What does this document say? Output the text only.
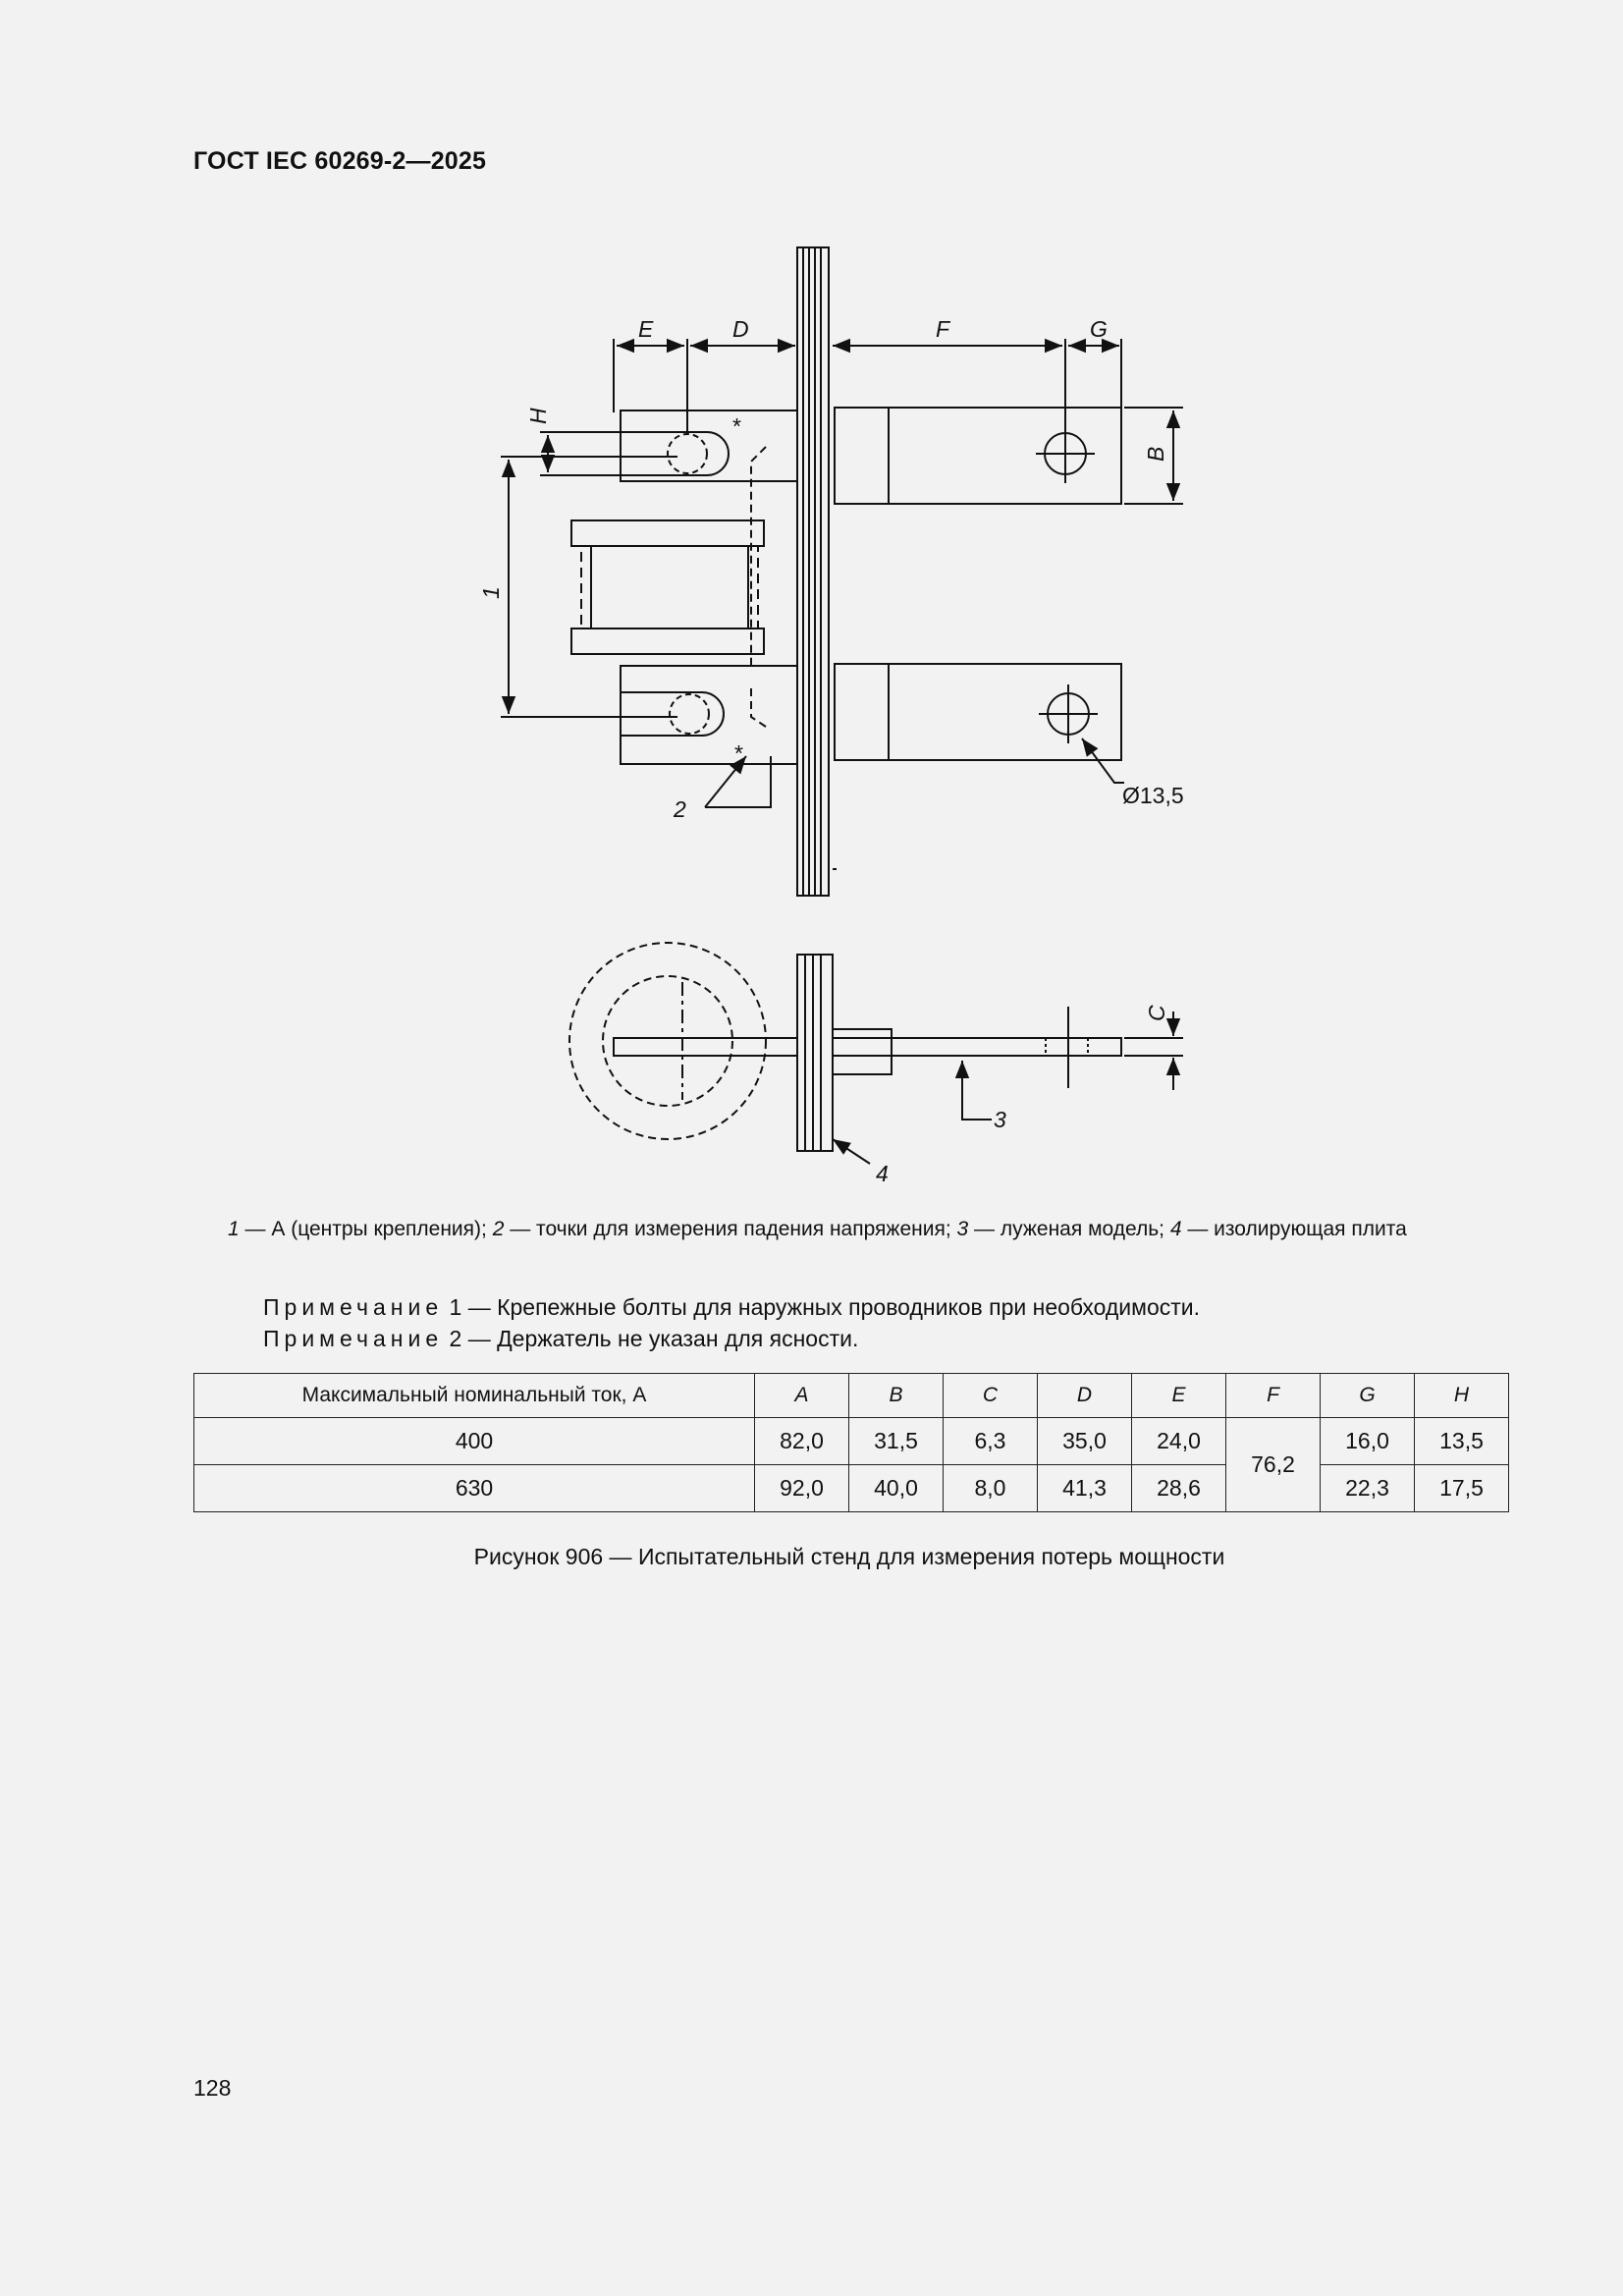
ГОСТ IEC 60269-2—2025
E	D	F	G
B
H
1
2
Ø13,5
C
3
4
*
*
1 — А (центры крепления); 2 — точки для измерения падения напряжения; 3 — луженая модель; 4 — изолирующая плита
Примечание 1 — Крепежные болты для наружных проводников при необходимости.
Примечание 2 — Держатель не указан для ясности.
Максимальный номинальный ток, А	A	B	C	D	E	F	G	H
400	82,0	31,5	6,3	35,0	24,0	76,2	16,0	13,5
630	92,0	40,0	8,0	41,3	28,6		22,3	17,5
Рисунок 906 — Испытательный стенд для измерения потерь мощности
128
